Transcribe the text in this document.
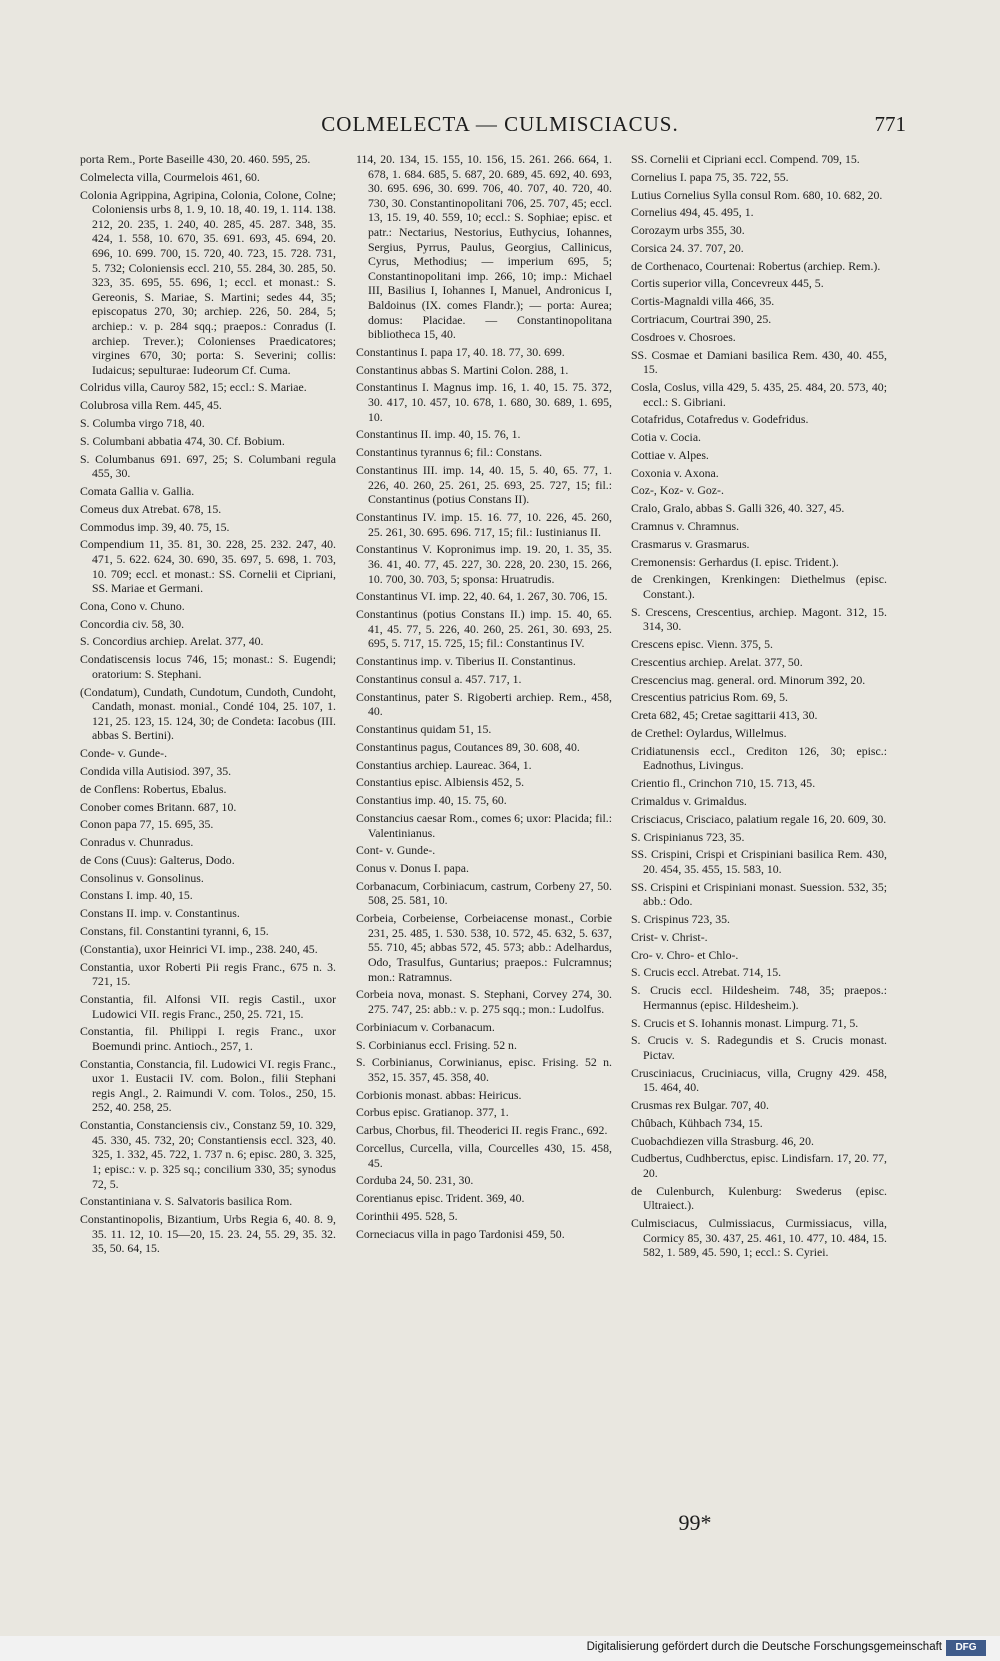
COLMELECTA — CULMISCIACUS.	771

porta Rem., Porte Baseille 430, 20. 460. 595, 25.

Colmelecta villa, Courmelois 461, 60.

Colonia Agrippina, Agripina, Colonia, Colone, Colne; Coloniensis urbs 8, 1. 9, 10. 18, 40. 19, 1. 114. 138. 212, 20. 235, 1. 240, 40. 285, 45. 287. 348, 35. 424, 1. 558, 10. 670, 35. 691. 693, 45. 694, 20. 696, 10. 699. 700, 15. 720, 40. 723, 15. 728. 731, 5. 732; Coloniensis eccl. 210, 55. 284, 30. 285, 50. 323, 35. 695, 55. 696, 1; eccl. et monast.: S. Gereonis, S. Mariae, S. Martini; sedes 44, 35; episcopatus 270, 30; archiep. 226, 50. 284, 5; archiep.: v. p. 284 sqq.; praepos.: Conradus (I. archiep. Trever.); Colonienses Praedicatores; virgines 670, 30; porta: S. Severini; collis: Iudaicus; sepulturae: Iudeorum Cf. Cuma.

Colridus villa, Cauroy 582, 15; eccl.: S. Mariae.

Colubrosa villa Rem. 445, 45.

S. Columba virgo 718, 40.

S. Columbani abbatia 474, 30. Cf. Bobium.

S. Columbanus 691. 697, 25; S. Columbani regula 455, 30.

Comata Gallia v. Gallia.

Comeus dux Atrebat. 678, 15.

Commodus imp. 39, 40. 75, 15.

Compendium 11, 35. 81, 30. 228, 25. 232. 247, 40. 471, 5. 622. 624, 30. 690, 35. 697, 5. 698, 1. 703, 10. 709; eccl. et monast.: SS. Cornelii et Cipriani, SS. Mariae et Germani.

Cona, Cono v. Chuno.

Concordia civ. 58, 30.

S. Concordius archiep. Arelat. 377, 40.

Condatiscensis locus 746, 15; monast.: S. Eugendi; oratorium: S. Stephani.

(Condatum), Cundath, Cundotum, Cundoth, Cundoht, Candath, monast. monial., Condé 104, 25. 107, 1. 121, 25. 123, 15. 124, 30; de Condeta: Iacobus (III. abbas S. Bertini).

Conde- v. Gunde-.

Condida villa Autisiod. 397, 35.

de Conflens: Robertus, Ebalus.

Conober comes Britann. 687, 10.

Conon papa 77, 15. 695, 35.

Conradus v. Chunradus.

de Cons (Cuus): Galterus, Dodo.

Consolinus v. Gonsolinus.

Constans I. imp. 40, 15.

Constans II. imp. v. Constantinus.

Constans, fil. Constantini tyranni, 6, 15.

(Constantia), uxor Heinrici VI. imp., 238. 240, 45.

Constantia, uxor Roberti Pii regis Franc., 675 n. 3. 721, 15.

Constantia, fil. Alfonsi VII. regis Castil., uxor Ludowici VII. regis Franc., 250, 25. 721, 15.

Constantia, fil. Philippi I. regis Franc., uxor Boemundi princ. Antioch., 257, 1.

Constantia, Constancia, fil. Ludowici VI. regis Franc., uxor 1. Eustacii IV. com. Bolon., filii Stephani regis Angl., 2. Raimundi V. com. Tolos., 250, 15. 252, 40. 258, 25.

Constantia, Constanciensis civ., Constanz 59, 10. 329, 45. 330, 45. 732, 20; Constantiensis eccl. 323, 40. 325, 1. 332, 45. 722, 1. 737 n. 6; episc. 280, 3. 325, 1; episc.: v. p. 325 sq.; concilium 330, 35; synodus 72, 5.

Constantiniana v. S. Salvatoris basilica Rom.

Constantinopolis, Bizantium, Urbs Regia 6, 40. 8. 9, 35. 11. 12, 10. 15—20, 15. 23. 24, 55. 29, 35. 32. 35, 50. 64, 15.

114, 20. 134, 15. 155, 10. 156, 15. 261. 266. 664, 1. 678, 1. 684. 685, 5. 687, 20. 689, 45. 692, 40. 693, 30. 695. 696, 30. 699. 706, 40. 707, 40. 720, 40. 730, 30. Constantinopolitani 706, 25. 707, 45; eccl. 13, 15. 19, 40. 559, 10; eccl.: S. Sophiae; episc. et patr.: Nectarius, Nestorius, Euthycius, Iohannes, Sergius, Pyrrus, Paulus, Georgius, Callinicus, Cyrus, Methodius; — imperium 695, 5; Constantinopolitani imp. 266, 10; imp.: Michael III, Basilius I, Iohannes I, Manuel, Andronicus I, Baldoinus (IX. comes Flandr.); — porta: Aurea; domus: Placidae. — Constantinopolitana bibliotheca 15, 40.

Constantinus I. papa 17, 40. 18. 77, 30. 699.

Constantinus abbas S. Martini Colon. 288, 1.

Constantinus I. Magnus imp. 16, 1. 40, 15. 75. 372, 30. 417, 10. 457, 10. 678, 1. 680, 30. 689, 1. 695, 10.

Constantinus II. imp. 40, 15. 76, 1.

Constantinus tyrannus 6; fil.: Constans.

Constantinus III. imp. 14, 40. 15, 5. 40, 65. 77, 1. 226, 40. 260, 25. 261, 25. 693, 25. 727, 15; fil.: Constantinus (potius Constans II).

Constantinus IV. imp. 15. 16. 77, 10. 226, 45. 260, 25. 261, 30. 695. 696. 717, 15; fil.: Iustinianus II.

Constantinus V. Kopronimus imp. 19. 20, 1. 35, 35. 36. 41, 40. 77, 45. 227, 30. 228, 20. 230, 15. 266, 10. 700, 30. 703, 5; sponsa: Hruatrudis.

Constantinus VI. imp. 22, 40. 64, 1. 267, 30. 706, 15.

Constantinus (potius Constans II.) imp. 15. 40, 65. 41, 45. 77, 5. 226, 40. 260, 25. 261, 30. 693, 25. 695, 5. 717, 15. 725, 15; fil.: Constantinus IV.

Constantinus imp. v. Tiberius II. Constantinus.

Constantinus consul a. 457. 717, 1.

Constantinus, pater S. Rigoberti archiep. Rem., 458, 40.

Constantinus quidam 51, 15.

Constantinus pagus, Coutances 89, 30. 608, 40.

Constantius archiep. Laureac. 364, 1.

Constantius episc. Albiensis 452, 5.

Constantius imp. 40, 15. 75, 60.

Constancius caesar Rom., comes 6; uxor: Placida; fil.: Valentinianus.

Cont- v. Gunde-.

Conus v. Donus I. papa.

Corbanacum, Corbiniacum, castrum, Corbeny 27, 50. 508, 25. 581, 10.

Corbeia, Corbeiense, Corbeiacense monast., Corbie 231, 25. 485, 1. 530. 538, 10. 572, 45. 632, 5. 637, 55. 710, 45; abbas 572, 45. 573; abb.: Adelhardus, Odo, Trasulfus, Guntarius; praepos.: Fulcramnus; mon.: Ratramnus.

Corbeia nova, monast. S. Stephani, Corvey 274, 30. 275. 747, 25: abb.: v. p. 275 sqq.; mon.: Ludolfus.

Corbiniacum v. Corbanacum.

S. Corbinianus eccl. Frising. 52 n.

S. Corbinianus, Corwinianus, episc. Frising. 52 n. 352, 15. 357, 45. 358, 40.

Corbionis monast. abbas: Heiricus.

Corbus episc. Gratianop. 377, 1.

Carbus, Chorbus, fil. Theoderici II. regis Franc., 692.

Corcellus, Curcella, villa, Courcelles 430, 15. 458, 45.

Corduba 24, 50. 231, 30.

Corentianus episc. Trident. 369, 40.

Corinthii 495. 528, 5.

Corneciacus villa in pago Tardonisi 459, 50.

SS. Cornelii et Cipriani eccl. Compend. 709, 15.

Cornelius I. papa 75, 35. 722, 55.

Lutius Cornelius Sylla consul Rom. 680, 10. 682, 20.

Cornelius 494, 45. 495, 1.

Corozaym urbs 355, 30.

Corsica 24. 37. 707, 20.

de Corthenaco, Courtenai: Robertus (archiep. Rem.).

Cortis superior villa, Concevreux 445, 5.

Cortis-Magnaldi villa 466, 35.

Cortriacum, Courtrai 390, 25.

Cosdroes v. Chosroes.

SS. Cosmae et Damiani basilica Rem. 430, 40. 455, 15.

Cosla, Coslus, villa 429, 5. 435, 25. 484, 20. 573, 40; eccl.: S. Gibriani.

Cotafridus, Cotafredus v. Godefridus.

Cotia v. Cocia.

Cottiae v. Alpes.

Coxonia v. Axona.

Coz-, Koz- v. Goz-.

Cralo, Gralo, abbas S. Galli 326, 40. 327, 45.

Cramnus v. Chramnus.

Crasmarus v. Grasmarus.

Cremonensis: Gerhardus (I. episc. Trident.).

de Crenkingen, Krenkingen: Diethelmus (episc. Constant.).

S. Crescens, Crescentius, archiep. Magont. 312, 15. 314, 30.

Crescens episc. Vienn. 375, 5.

Crescentius archiep. Arelat. 377, 50.

Crescencius mag. general. ord. Minorum 392, 20.

Crescentius patricius Rom. 69, 5.

Creta 682, 45; Cretae sagittarii 413, 30.

de Crethel: Oylardus, Willelmus.

Cridiatunensis eccl., Crediton 126, 30; episc.: Eadnothus, Livingus.

Crientio fl., Crinchon 710, 15. 713, 45.

Crimaldus v. Grimaldus.

Crisciacus, Crisciaco, palatium regale 16, 20. 609, 30.

S. Crispinianus 723, 35.

SS. Crispini, Crispi et Crispiniani basilica Rem. 430, 20. 454, 35. 455, 15. 583, 10.

SS. Crispini et Crispiniani monast. Suession. 532, 35; abb.: Odo.

S. Crispinus 723, 35.

Crist- v. Christ-.

Cro- v. Chro- et Chlo-.

S. Crucis eccl. Atrebat. 714, 15.

S. Crucis eccl. Hildesheim. 748, 35; praepos.: Hermannus (episc. Hildesheim.).

S. Crucis et S. Iohannis monast. Limpurg. 71, 5.

S. Crucis v. S. Radegundis et S. Crucis monast. Pictav.

Crusciniacus, Cruciniacus, villa, Crugny 429. 458, 15. 464, 40.

Crusmas rex Bulgar. 707, 40.

Chûbach, Kühbach 734, 15.

Cuobachdiezen villa Strasburg. 46, 20.

Cudbertus, Cudhberctus, episc. Lindisfarn. 17, 20. 77, 20.

de Culenburch, Kulenburg: Swederus (episc. Ultraiect.).

Culmisciacus, Culmissiacus, Curmissiacus, villa, Cormicy 85, 30. 437, 25. 461, 10. 477, 10. 484, 15. 582, 1. 589, 45. 590, 1; eccl.: S. Cyriei.

99*
Digitalisierung gefördert durch die Deutsche Forschungsgemeinschaft	DFG
